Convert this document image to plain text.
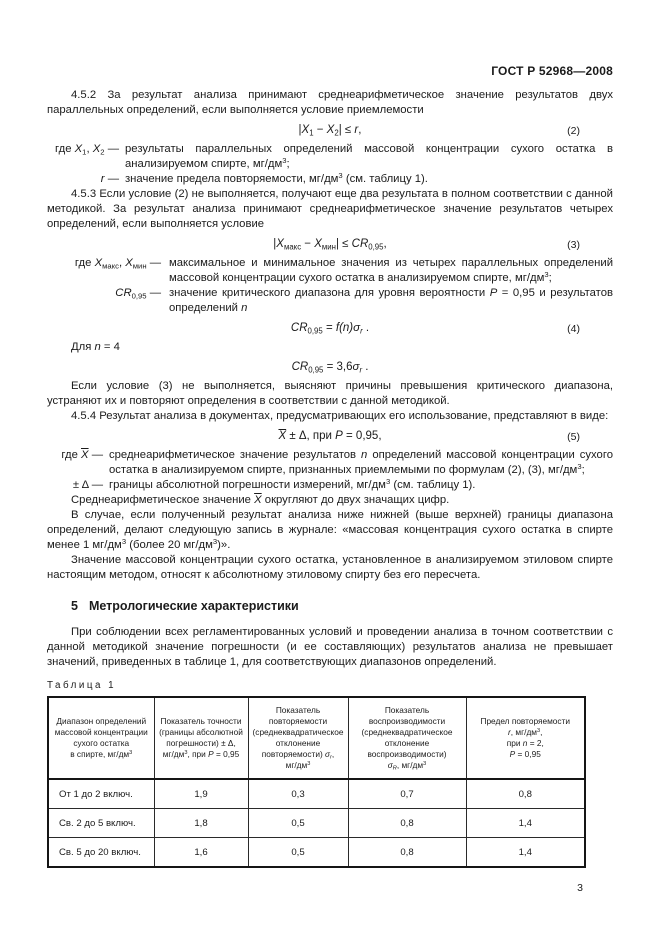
ГОСТ Р 52968—2008

4.5.2 За результат анализа принимают среднеарифметическое значение результатов двух параллельных определений, если выполняется условие приемлемости

$|X_1 - X_2| \le r$,	(2)
где $X_1$, $X_2$ — результаты параллельных определений массовой концентрации сухого остатка в анализируемом спирте, $мг/дм^3$;
r — значение предела повторяемости, $мг/дм^3$ (см. таблицу 1).

4.5.3 Если условие (2) не выполняется, получают еще два результата в полном соответствии с данной методикой. За результат анализа принимают среднеарифметическое значение результатов четырех определений, если выполняется условие

$|X_{макс} - X_{мин}| \le CR_{0,95}$,	(3)
где $X_{макс}$, $X_{мин}$ — максимальное и минимальное значения из четырех параллельных определений массовой концентрации сухого остатка в анализируемом спирте, $мг/дм^3$;
$CR_{0,95}$ — значение критического диапазона для уровня вероятности P = 0,95 и результатов определений n
$CR_{0,95} = f(n)\sigma_r$ .	(4)

Для n = 4

$CR_{0,95} = 3,6\sigma_r$ .

Если условие (3) не выполняется, выясняют причины превышения критического диапазона, устраняют их и повторяют определения в соответствии с данной методикой.

4.5.4 Результат анализа в документах, предусматривающих его использование, представляют в виде:

$\overline{X} \pm \Delta$, при P = 0,95,	(5)
где $\overline{X}$ — среднеарифметическое значение результатов n определений массовой концентрации сухого остатка в анализируемом спирте, признанных приемлемыми по формулам (2), (3), $мг/дм^3$;
± Δ — границы абсолютной погрешности измерений, $мг/дм^3$ (см. таблицу 1).

Среднеарифметическое значение $\overline{X}$ округляют до двух значащих цифр.

В случае, если полученный результат анализа ниже нижней (выше верхней) границы диапазона определений, делают следующую запись в журнале: «массовая концентрация сухого остатка в спирте менее 1 $мг/дм^3$ (более 20 $мг/дм^3$)».

Значение массовой концентрации сухого остатка, установленное в анализируемом этиловом спирте настоящим методом, относят к абсолютному этиловому спирту без его пересчета.

5 Метрологические характеристики

При соблюдении всех регламентированных условий и проведении анализа в точном соответствии с данной методикой значение погрешности (и ее составляющих) результатов анализа не превышает значений, приведенных в таблице 1, для соответствующих диапазонов определений.

Таблица 1
Диапазон определений
массовой концентрации
сухого остатка
в спирте, $мг/дм^3$	Показатель точности
(границы абсолютной
погрешности) ± Δ,
$мг/дм^3$, при P = 0,95	Показатель
повторяемости
(среднеквадратическое
отклонение
повторяемости) $\sigma_r$,
$мг/дм^3$	Показатель
воспроизводимости
(среднеквадратическое
отклонение
воспроизводимости)
$\sigma_R$, $мг/дм^3$	Предел повторяемости
r, $мг/дм^3$,
при n = 2,
P = 0,95
От 1 до 2 включ.	1,9	0,3	0,7	0,8
Св. 2 до 5 включ.	1,8	0,5	0,8	1,4
Св. 5 до 20 включ.	1,6	0,5	0,8	1,4
3
